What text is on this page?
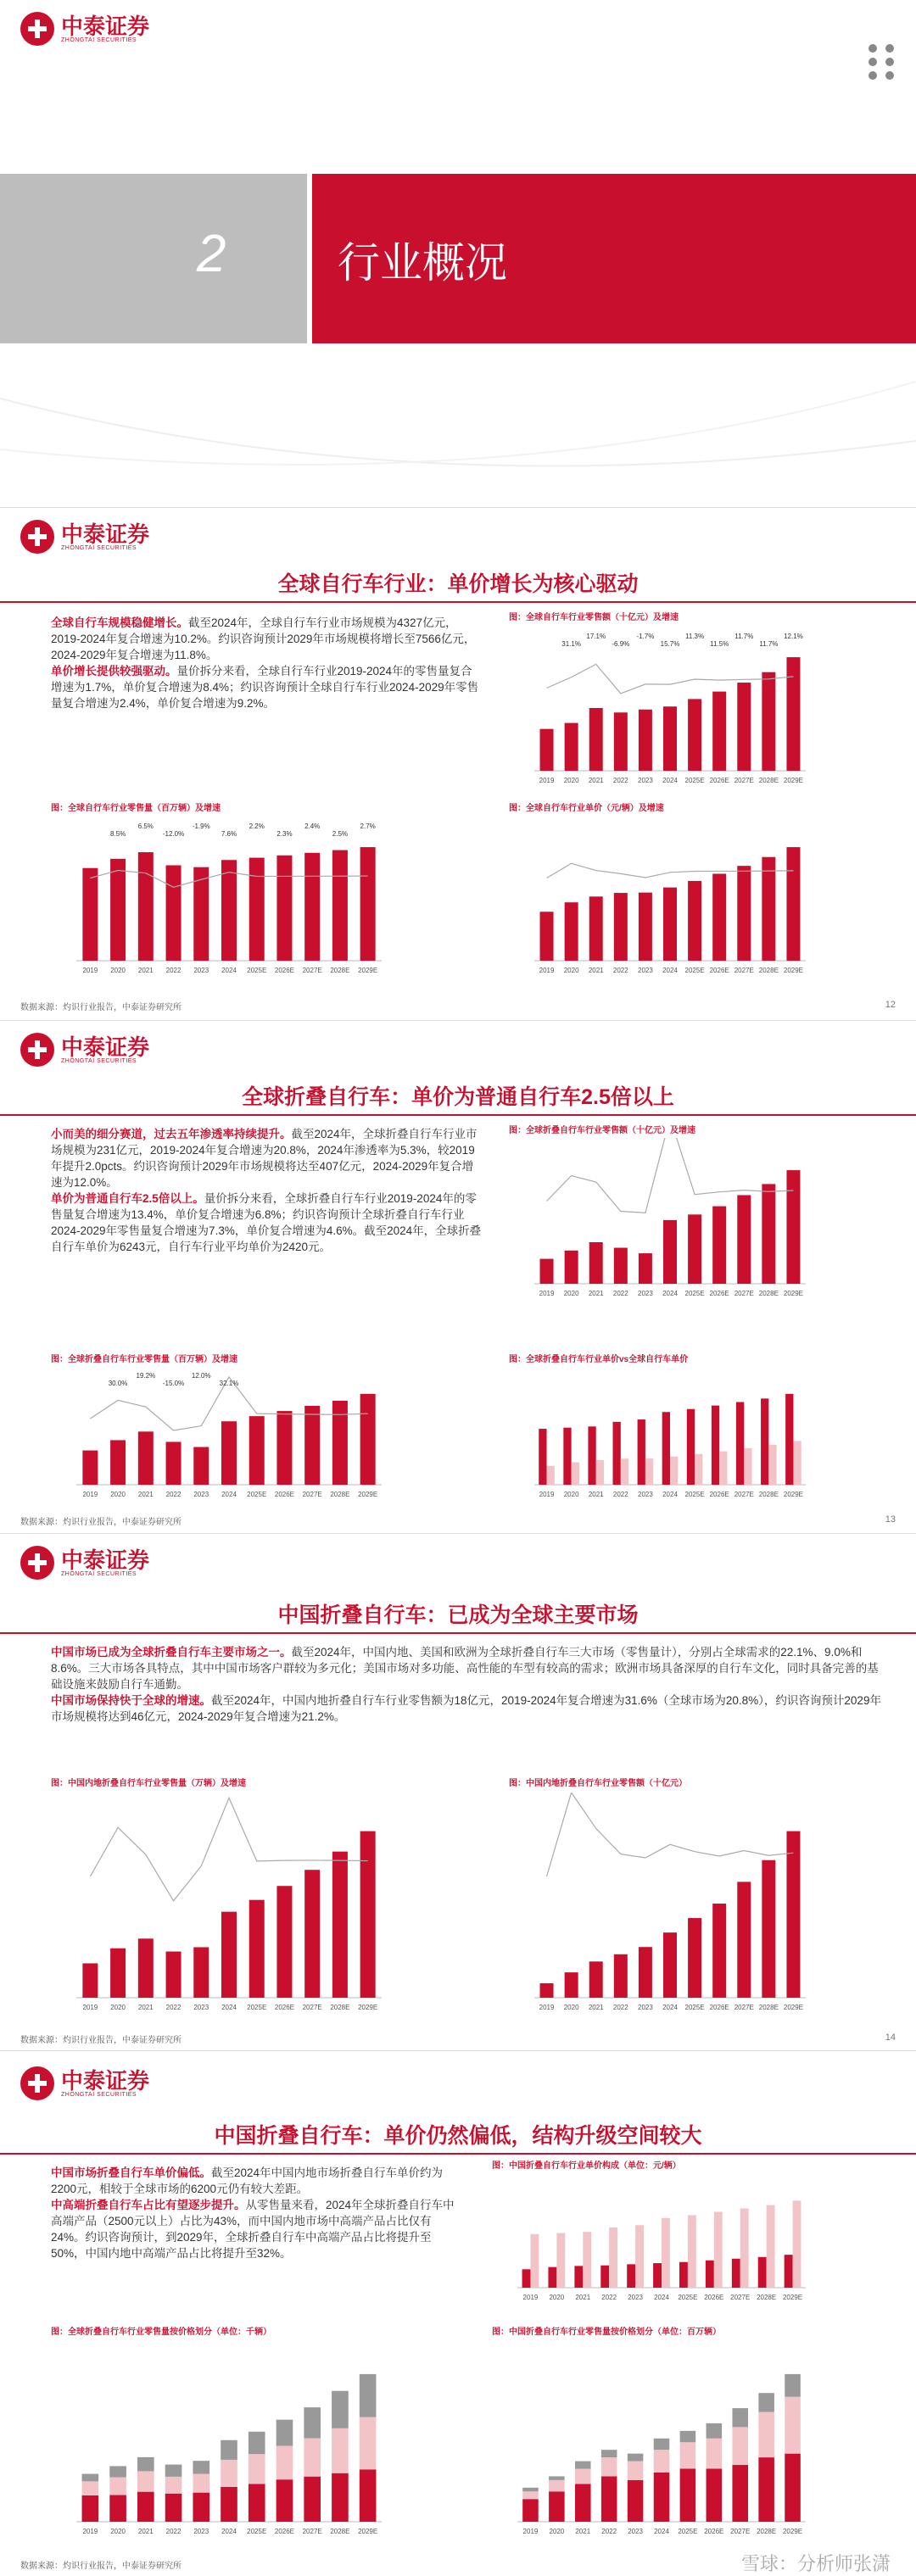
中泰证券
ZHONGTAI SECURITIES
2	行业概况
中泰证券
ZHONGTAI SECURITIES
全球自行车行业：单价增长为核心驱动

全球自行车规模稳健增长。截至2024年，全球自行车行业市场规模为4327亿元，2019-2024年复合增速为10.2%。约识咨询预计2029年市场规模将增长至7566亿元，2024-2029年复合增速为11.8%。

单价增长提供较强驱动。量价拆分来看，全球自行车行业2019-2024年的零售量复合增速为1.7%，单价复合增速为8.4%；约识咨询预计全球自行车行业2024-2029年零售量复合增速为2.4%，单价复合增速为9.2%。

图：全球自行车行业零售额（十亿元）及增速
2019 2020 2021 2022 2023 2024 2025E 2026E 2027E 2028E 2029E
31.1%
17.1%
-6.9%
-1.7%
15.7%
11.3%
11.5%
11.7%
11.7%
12.1%
图：全球自行车行业零售量（百万辆）及增速
2019 2020 2021 2022 2023 2024 2025E 2026E 2027E 2028E 2029E
8.5%
6.5%
-12.0%
-1.9%
7.6%
2.2%
2.3%
2.4%
2.5%
2.7%
图：全球自行车行业单价（元/辆）及增速
2019 2020 2021 2022 2023 2024 2025E 2026E 2027E 2028E 2029E
数据来源：灼识行业报告，中泰证券研究所	12
中泰证券
ZHONGTAI SECURITIES
全球折叠自行车：单价为普通自行车2.5倍以上

小而美的细分赛道，过去五年渗透率持续提升。截至2024年，全球折叠自行车行业市场规模为231亿元，2019-2024年复合增速为20.8%，2024年渗透率为5.3%，较2019年提升2.0pcts。约识咨询预计2029年市场规模将达至407亿元，2024-2029年复合增速为12.0%。

单价为普通自行车2.5倍以上。量价拆分来看，全球折叠自行车行业2019-2024年的零售量复合增速为13.4%，单价复合增速为6.8%；约识咨询预计全球折叠自行车行业2024-2029年零售量复合增速为7.3%，单价复合增速为4.6%。截至2024年，全球折叠自行车单价为6243元，自行车行业平均单价为2420元。

图：全球折叠自行车行业零售额（十亿元）及增速
2019 2020 2021 2022 2023 2024 2025E 2026E 2027E 2028E 2029E
图：全球折叠自行车行业零售量（百万辆）及增速
2019 2020 2021 2022 2023 2024 2025E 2026E 2027E 2028E 2029E
30.0%
19.2%
-15.0%
12.0%
32.1%
图：全球折叠自行车行业单价vs全球自行车单价
2019 2020 2021 2022 2023 2024 2025E 2026E 2027E 2028E 2029E
数据来源：灼识行业报告，中泰证券研究所	13
中泰证券
ZHONGTAI SECURITIES
中国折叠自行车：已成为全球主要市场

中国市场已成为全球折叠自行车主要市场之一。截至2024年，中国内地、美国和欧洲为全球折叠自行车三大市场（零售量计），分别占全球需求的22.1%、9.0%和8.6%。三大市场各具特点，其中中国市场客户群较为多元化；美国市场对多功能、高性能的车型有较高的需求；欧洲市场具备深厚的自行车文化，同时具备完善的基础设施来鼓励自行车通勤。

中国市场保持快于全球的增速。截至2024年，中国内地折叠自行车行业零售额为18亿元，2019-2024年复合增速为31.6%（全球市场为20.8%），约识咨询预计2029年市场规模将达到46亿元，2024-2029年复合增速为21.2%。

图：中国内地折叠自行车行业零售量（万辆）及增速
2019 2020 2021 2022 2023 2024 2025E 2026E 2027E 2028E 2029E
图：中国内地折叠自行车行业零售额（十亿元）
2019 2020 2021 2022 2023 2024 2025E 2026E 2027E 2028E 2029E
数据来源：灼识行业报告，中泰证券研究所	14
中泰证券
ZHONGTAI SECURITIES
中国折叠自行车：单价仍然偏低，结构升级空间较大

中国市场折叠自行车单价偏低。截至2024年中国内地市场折叠自行车单价约为2200元，相较于全球市场的6200元仍有较大差距。

中高端折叠自行车占比有望逐步提升。从零售量来看，2024年全球折叠自行车中高端产品（2500元以上）占比为43%，而中国内地市场中高端产品占比仅有24%。约识咨询预计，到2029年，全球折叠自行车中高端产品占比将提升至50%，中国内地中高端产品占比将提升至32%。

图：中国折叠自行车行业单价构成（单位：元/辆）
2019 2020 2021 2022 2023 2024 2025E 2026E 2027E 2028E 2029E
图：全球折叠自行车行业零售量按价格划分（单位：千辆）
2019 2020 2021 2022 2023 2024 2025E 2026E 2027E 2028E 2029E
图：中国折叠自行车行业零售量按价格划分（单位：百万辆）
2019 2020 2021 2022 2023 2024 2025E 2026E 2027E 2028E 2029E
数据来源：灼识行业报告，中泰证券研究所	雪球：分析师张潇
